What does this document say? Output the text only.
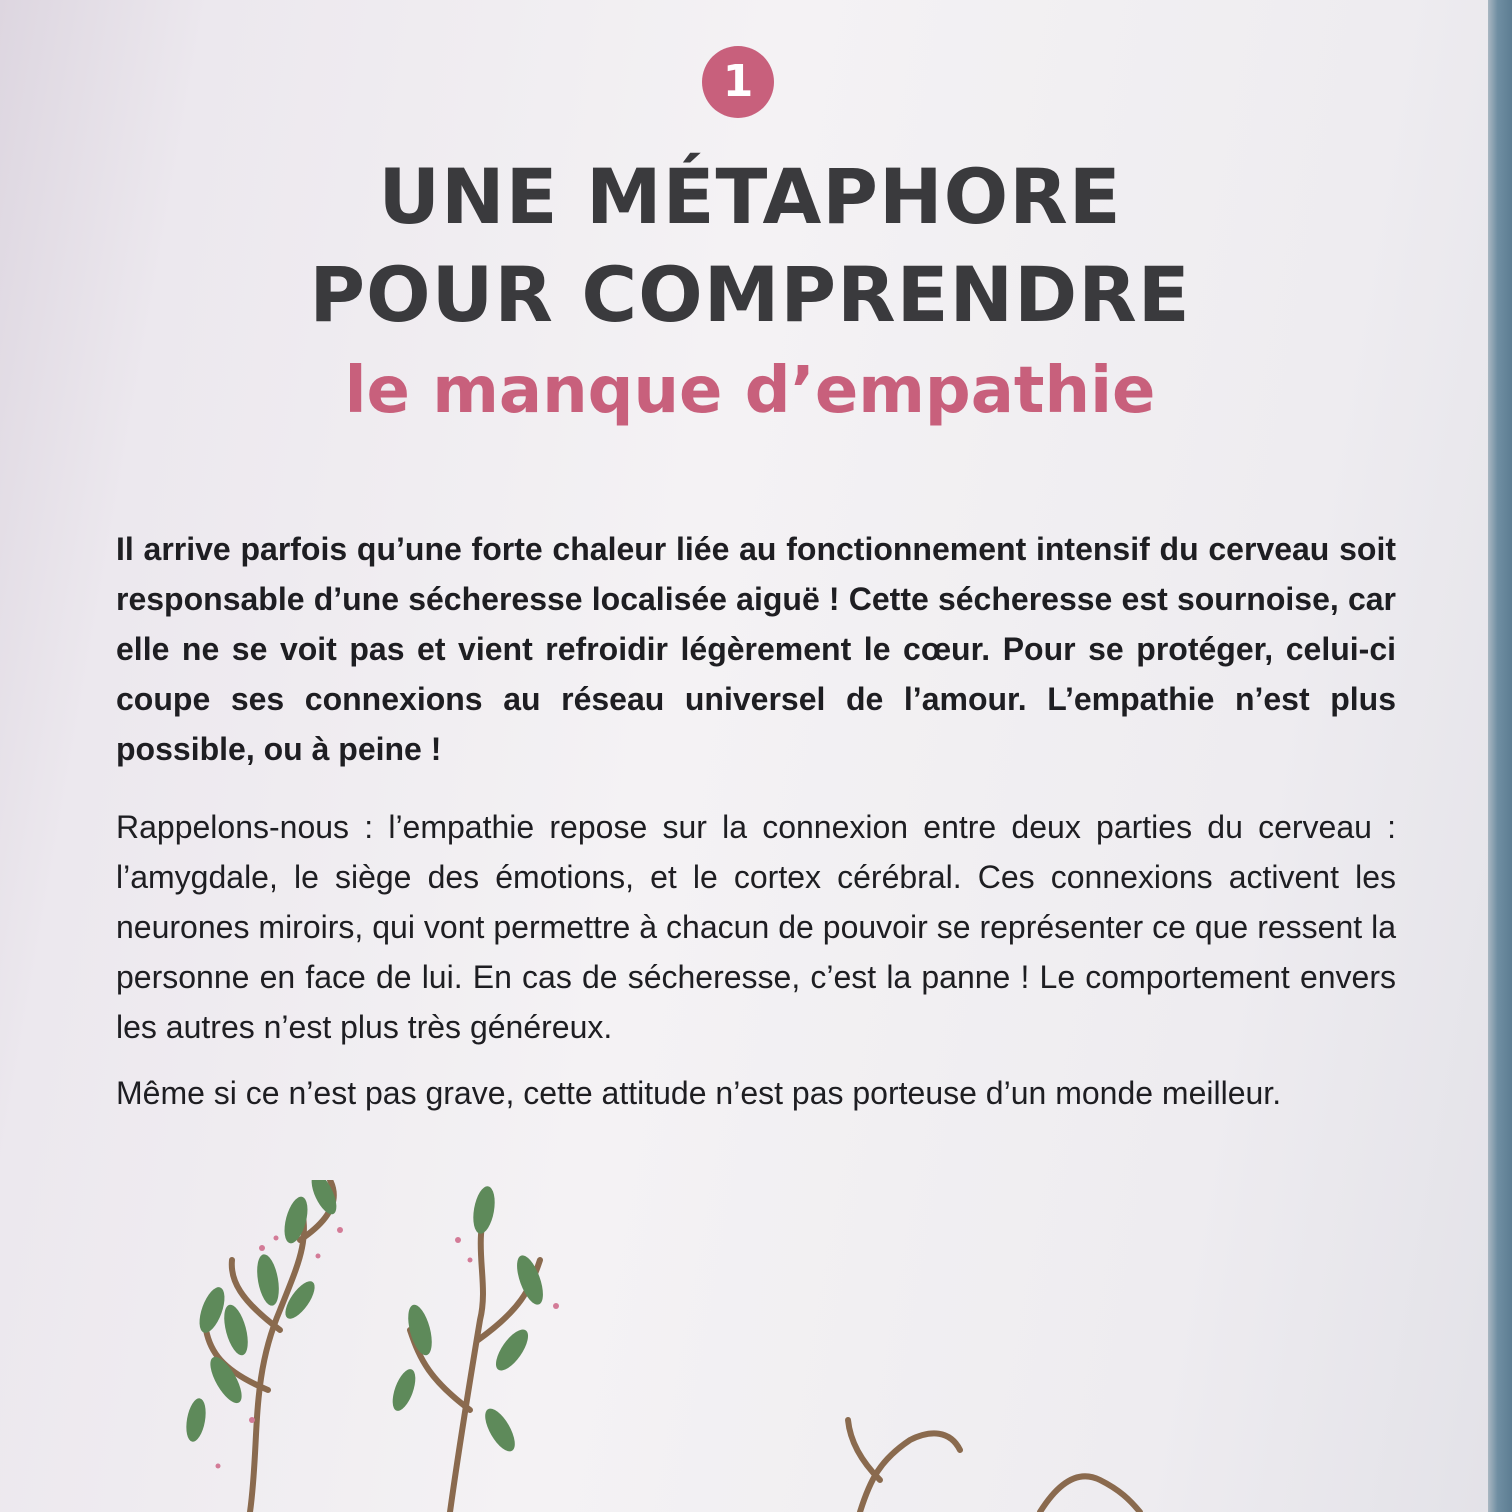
1
UNE MÉTAPHORE
POUR COMPRENDRE
le manque d’empathie
Il arrive parfois qu’une forte chaleur liée au fonctionnement intensif du cerveau soit responsable d’une sécheresse localisée aiguë ! Cette sécheresse est sournoise, car elle ne se voit pas et vient refroidir légèrement le cœur. Pour se protéger, celui-ci coupe ses connexions au réseau universel de l’amour. L’empathie n’est plus possible, ou à peine !
Rappelons-nous : l’empathie repose sur la connexion entre deux parties du cerveau : l’amygdale, le siège des émotions, et le cortex cérébral. Ces connexions activent les neurones miroirs, qui vont permettre à chacun de pouvoir se représenter ce que ressent la personne en face de lui. En cas de sécheresse, c’est la panne ! Le comportement envers les autres n’est plus très généreux.
Même si ce n’est pas grave, cette attitude n’est pas porteuse d’un monde meilleur.
